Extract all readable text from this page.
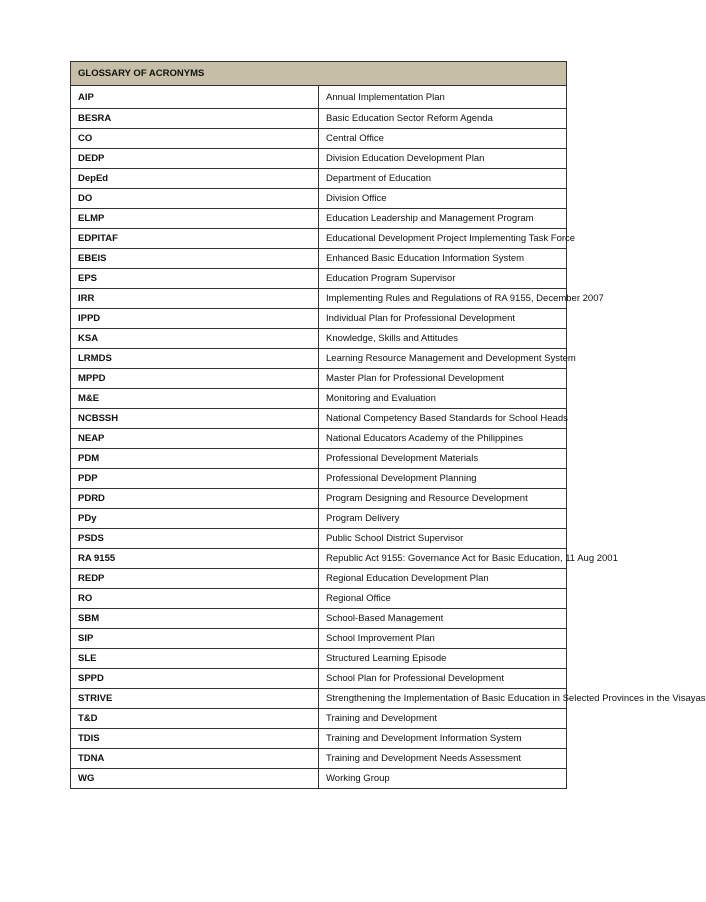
GLOSSARY OF ACRONYMS	
AIP	Annual Implementation Plan
BESRA	Basic Education Sector Reform Agenda
CO	Central Office
DEDP	Division Education Development Plan
DepEd	Department of Education
DO	Division Office
ELMP	Education Leadership and Management Program
EDPITAF	Educational Development Project Implementing Task Force
EBEIS	Enhanced Basic Education Information System
EPS	Education Program Supervisor
IRR	Implementing Rules and Regulations of RA 9155, December 2007
IPPD	Individual Plan for Professional Development
KSA	Knowledge, Skills and Attitudes
LRMDS	Learning Resource Management and Development System
MPPD	Master Plan for Professional Development
M&E	Monitoring and Evaluation
NCBSSH	National Competency Based Standards for School Heads
NEAP	National Educators Academy of the Philippines
PDM	Professional Development Materials
PDP	Professional Development Planning
PDRD	Program Designing and Resource Development
PDy	Program Delivery
PSDS	Public School District Supervisor
RA 9155	Republic Act 9155: Governance Act for Basic Education, 11 Aug 2001
REDP	Regional Education Development Plan
RO	Regional Office
SBM	School-Based Management
SIP	School Improvement Plan
SLE	Structured Learning Episode
SPPD	School Plan for Professional Development
STRIVE	Strengthening the Implementation of Basic Education in Selected Provinces in the Visayas
T&D	Training and Development
TDIS	Training and Development Information System
TDNA	Training and Development Needs Assessment
WG	Working Group
